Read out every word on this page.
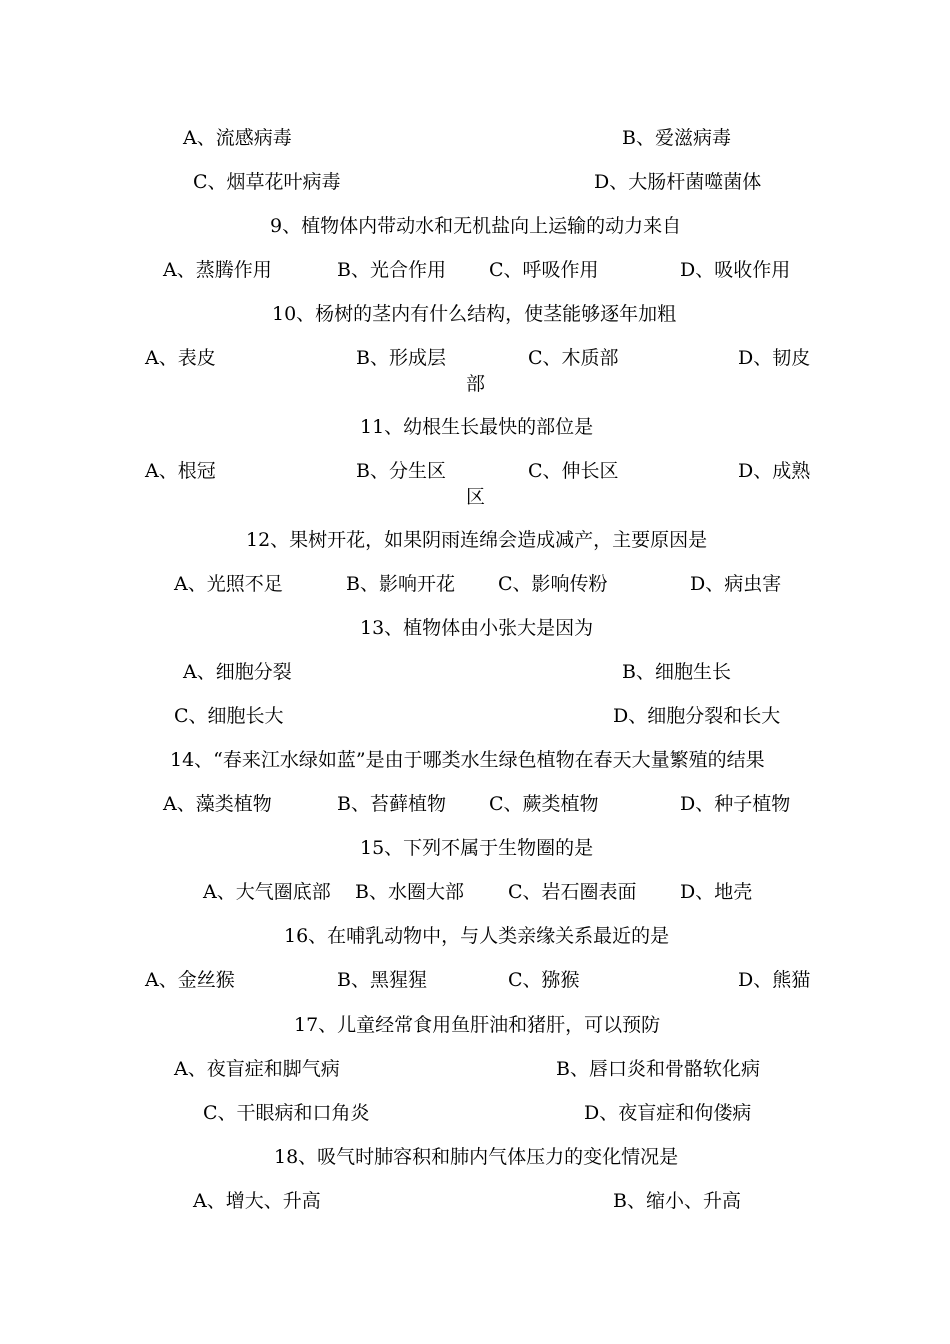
A、流感病毒	B、爱滋病毒
C、烟草花叶病毒	D、大肠杆菌噬菌体
9、植物体内带动水和无机盐向上运输的动力来自
A、蒸腾作用	B、光合作用 C、呼吸作用	D、吸收作用
10、杨树的茎内有什么结构，使茎能够逐年加粗
A、表皮	B、形成层	C、木质部	D、韧皮
部
11、幼根生长最快的部位是
A、根冠	B、分生区	C、伸长区	D、成熟
区
12、果树开花，如果阴雨连绵会造成减产，主要原因是
A、光照不足	B、影响开花 C、影响传粉	D、病虫害
13、植物体由小张大是因为
A、细胞分裂	B、细胞生长
C、细胞长大	D、细胞分裂和长大
14、“春来江水绿如蓝”是由于哪类水生绿色植物在春天大量繁殖的结果
A、藻类植物	B、苔藓植物 C、蕨类植物	D、种子植物
15、下列不属于生物圈的是
A、大气圈底部 B、水圈大部 C、岩石圈表面 D、地壳
16、在哺乳动物中，与人类亲缘关系最近的是
A、金丝猴	B、黑猩猩	C、猕猴	D、熊猫
17、儿童经常食用鱼肝油和猪肝，可以预防
A、夜盲症和脚气病	B、唇口炎和骨骼软化病
C、干眼病和口角炎	D、夜盲症和佝偻病
18、吸气时肺容积和肺内气体压力的变化情况是
A、增大、升高	B、缩小、升高
